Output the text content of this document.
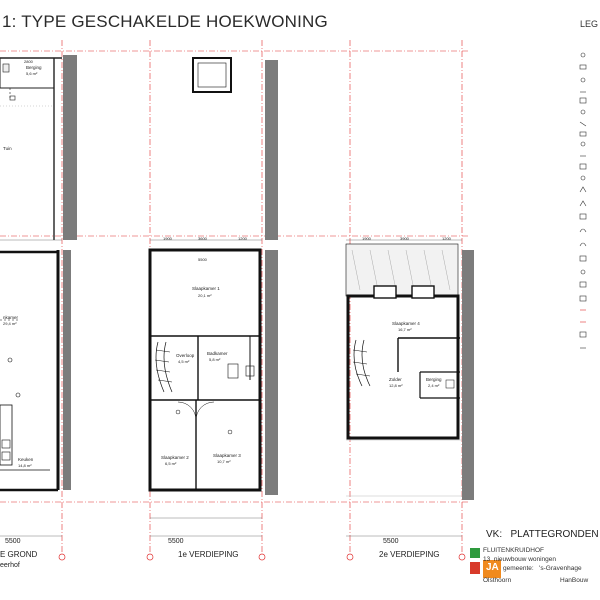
1: TYPE GESCHAKELDE HOEKWONING	LEG
2800
Berging
5,6 m²
Tuin
nkamer
29,4 m²
Keuken
14,8 m²
5500
E GROND
eerhof
1900	3600	1200
5500
Slaapkamer 1
20,1 m²
Overloop
4,5 m²
Badkamer
5,8 m²
Slaapkamer 2
6,5 m²
Slaapkamer 3
10,7 m²
5500
1e VERDIEPING
1900	3900	1200
Slaapkamer 4
16,7 m²
Zolder
12,8 m²
Berging
2,4 m²
5500
2e VERDIEPING
VK: PLATTEGRONDEN
FLUITENKRUIDHOF
13 nieuwbouw woningen
gemeente: 's-Gravenhage
JA
Olsthoorn	HanBouw
